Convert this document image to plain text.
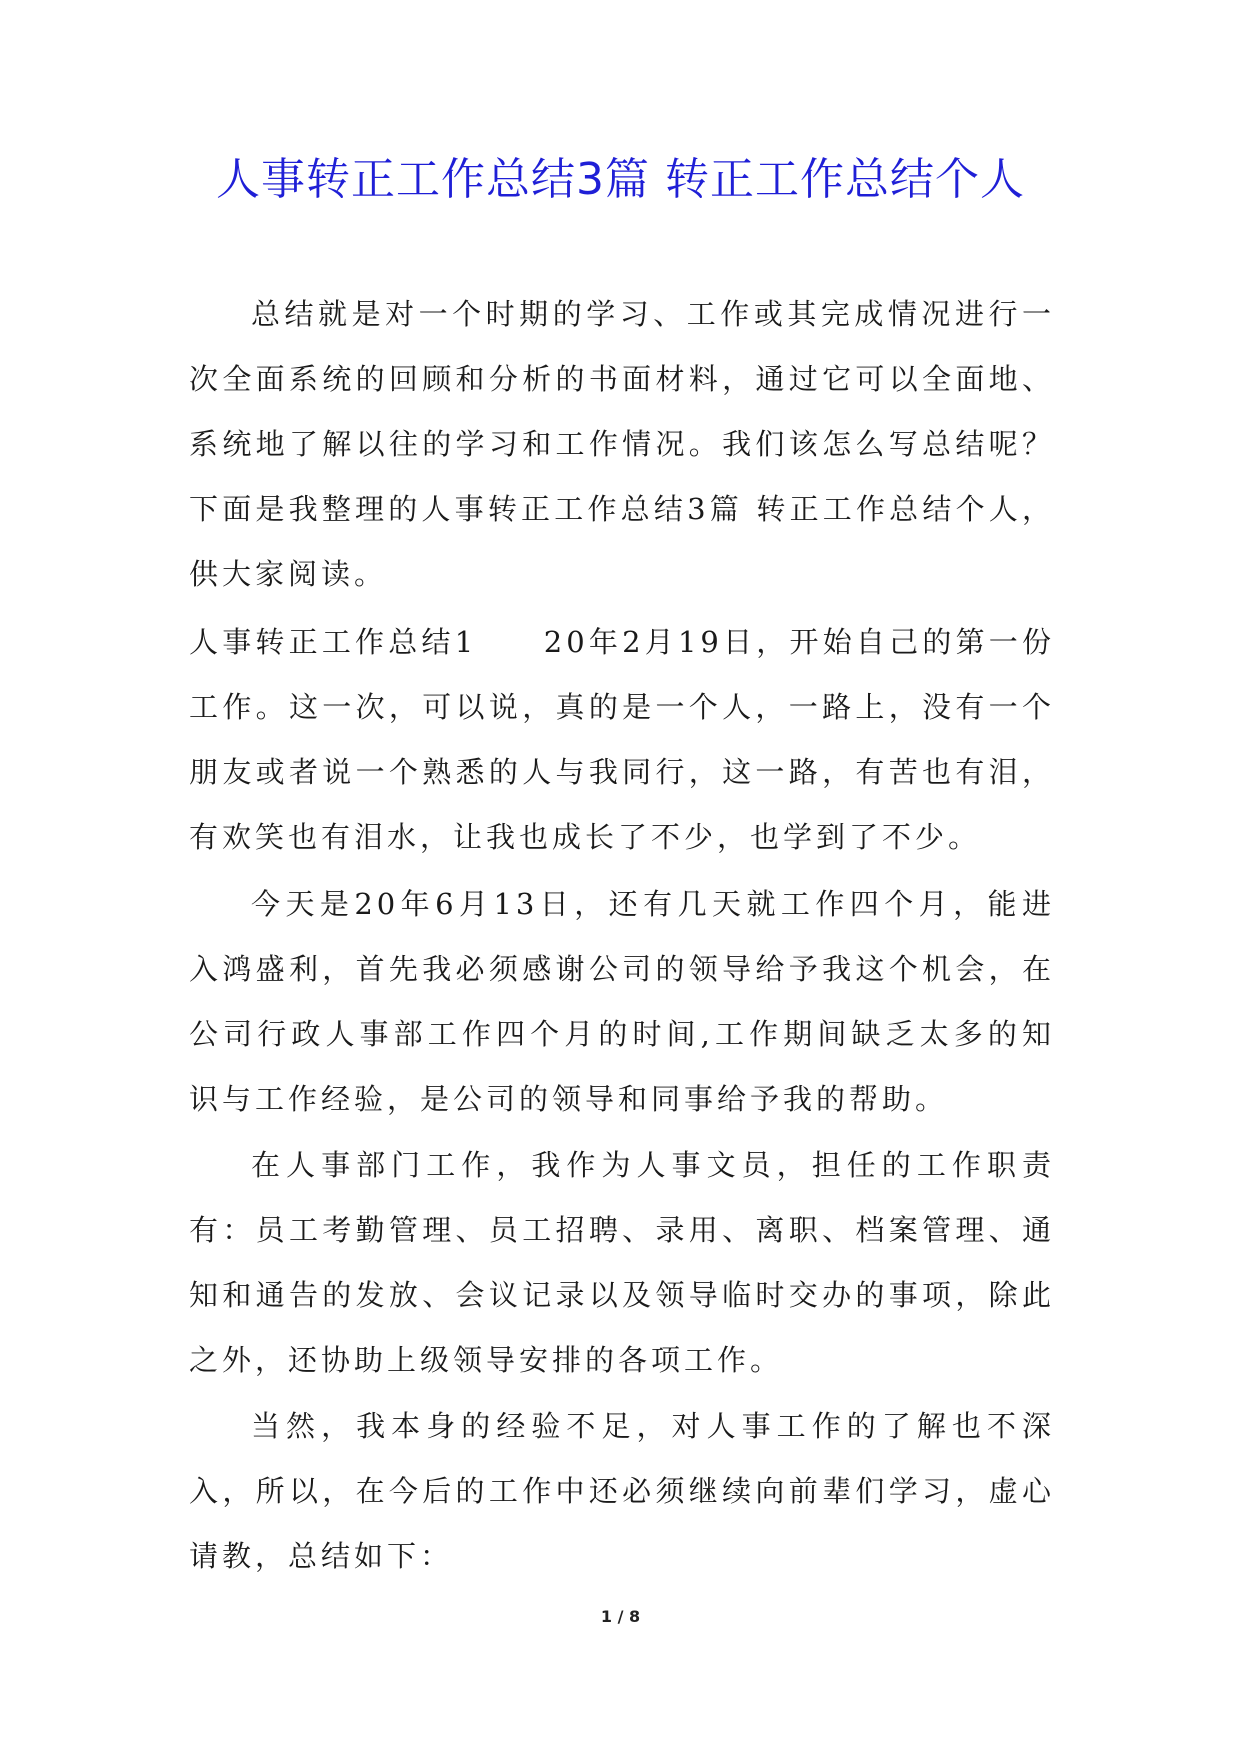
人事转正工作总结3篇 转正工作总结个人

总结就是对一个时期的学习、工作或其完成情况进行一次全面系统的回顾和分析的书面材料，通过它可以全面地、系统地了解以往的学习和工作情况。我们该怎么写总结呢？下面是我整理的人事转正工作总结3篇 转正工作总结个人，供大家阅读。

人事转正工作总结1　　20年2月19日，开始自己的第一份工作。这一次，可以说，真的是一个人，一路上，没有一个朋友或者说一个熟悉的人与我同行，这一路，有苦也有泪，有欢笑也有泪水，让我也成长了不少，也学到了不少。

今天是20年6月13日，还有几天就工作四个月，能进入鸿盛利，首先我必须感谢公司的领导给予我这个机会，在公司行政人事部工作四个月的时间,工作期间缺乏太多的知识与工作经验，是公司的领导和同事给予我的帮助。

在人事部门工作，我作为人事文员，担任的工作职责有：员工考勤管理、员工招聘、录用、离职、档案管理、通知和通告的发放、会议记录以及领导临时交办的事项，除此之外，还协助上级领导安排的各项工作。

当然，我本身的经验不足，对人事工作的了解也不深入，所以，在今后的工作中还必须继续向前辈们学习，虚心请教，总结如下：

1 / 8
